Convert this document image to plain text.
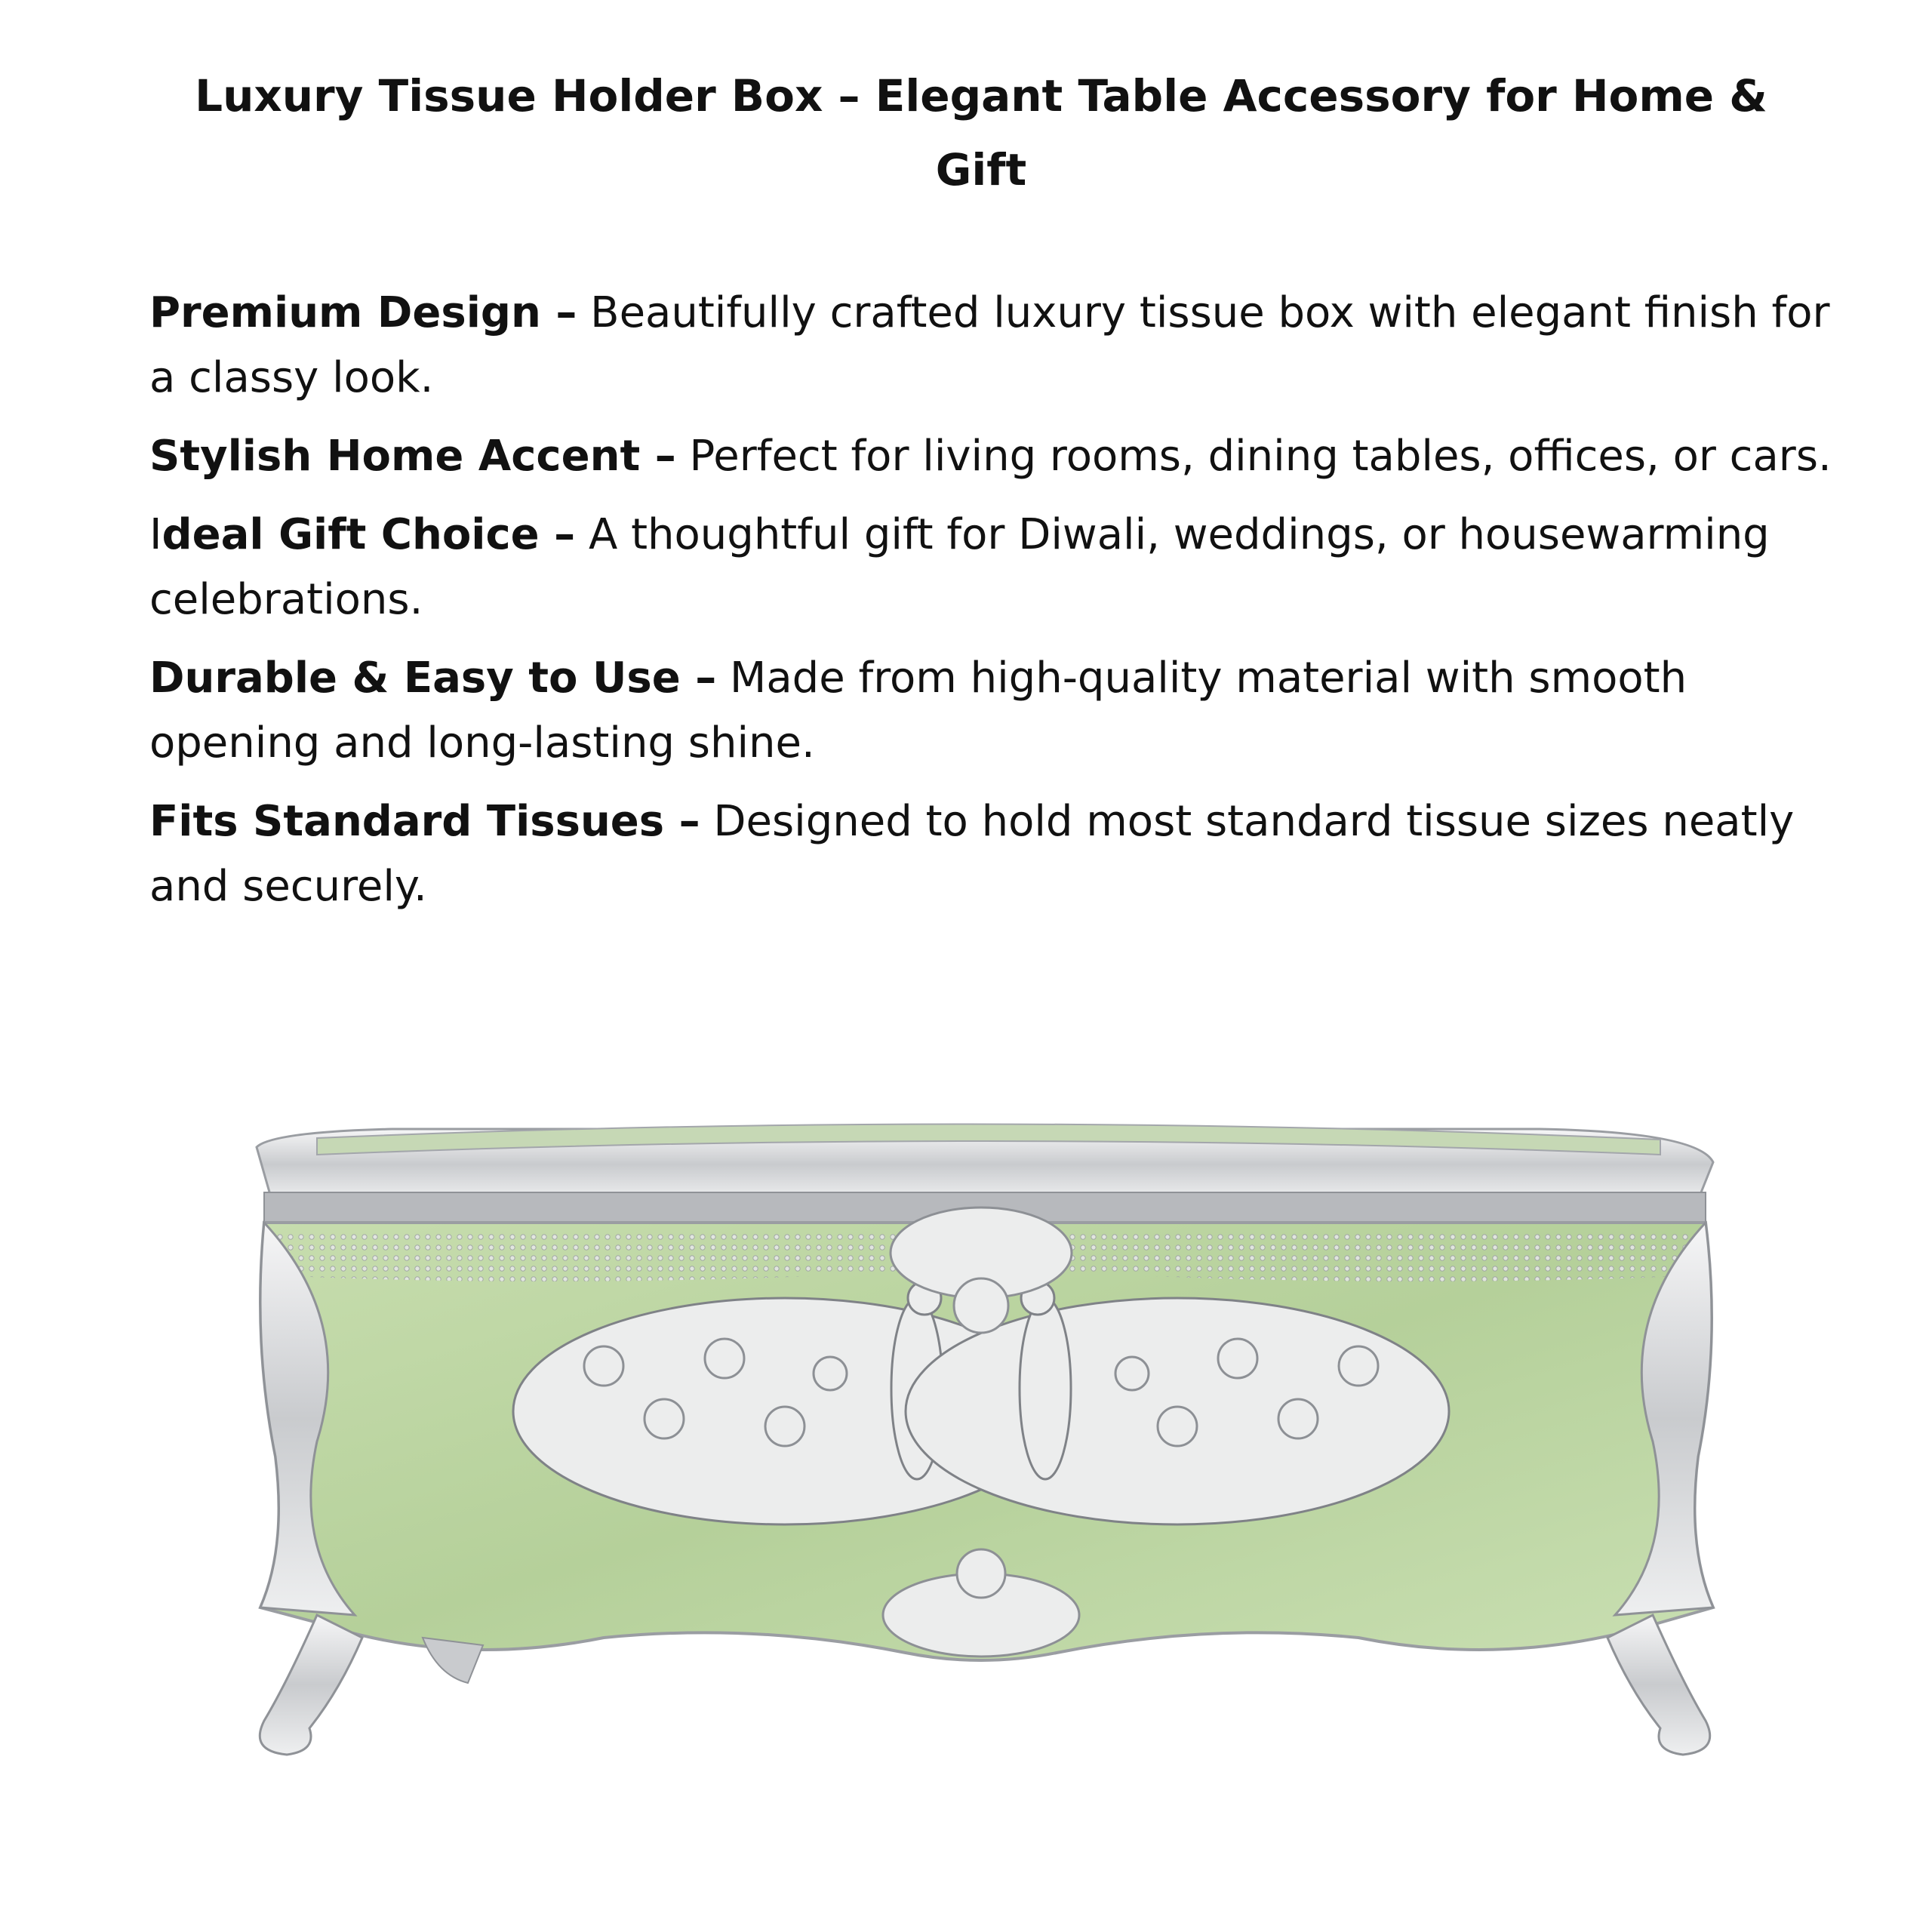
Luxury Tissue Holder Box – Elegant Table Accessory for Home & Gift

Premium Design – Beautifully crafted luxury tissue box with elegant finish for a classy look.

Stylish Home Accent – Perfect for living rooms, dining tables, offices, or cars.

Ideal Gift Choice – A thoughtful gift for Diwali, weddings, or housewarming celebrations.

Durable & Easy to Use – Made from high-quality material with smooth opening and long-lasting shine.

Fits Standard Tissues – Designed to hold most standard tissue sizes neatly and securely.
